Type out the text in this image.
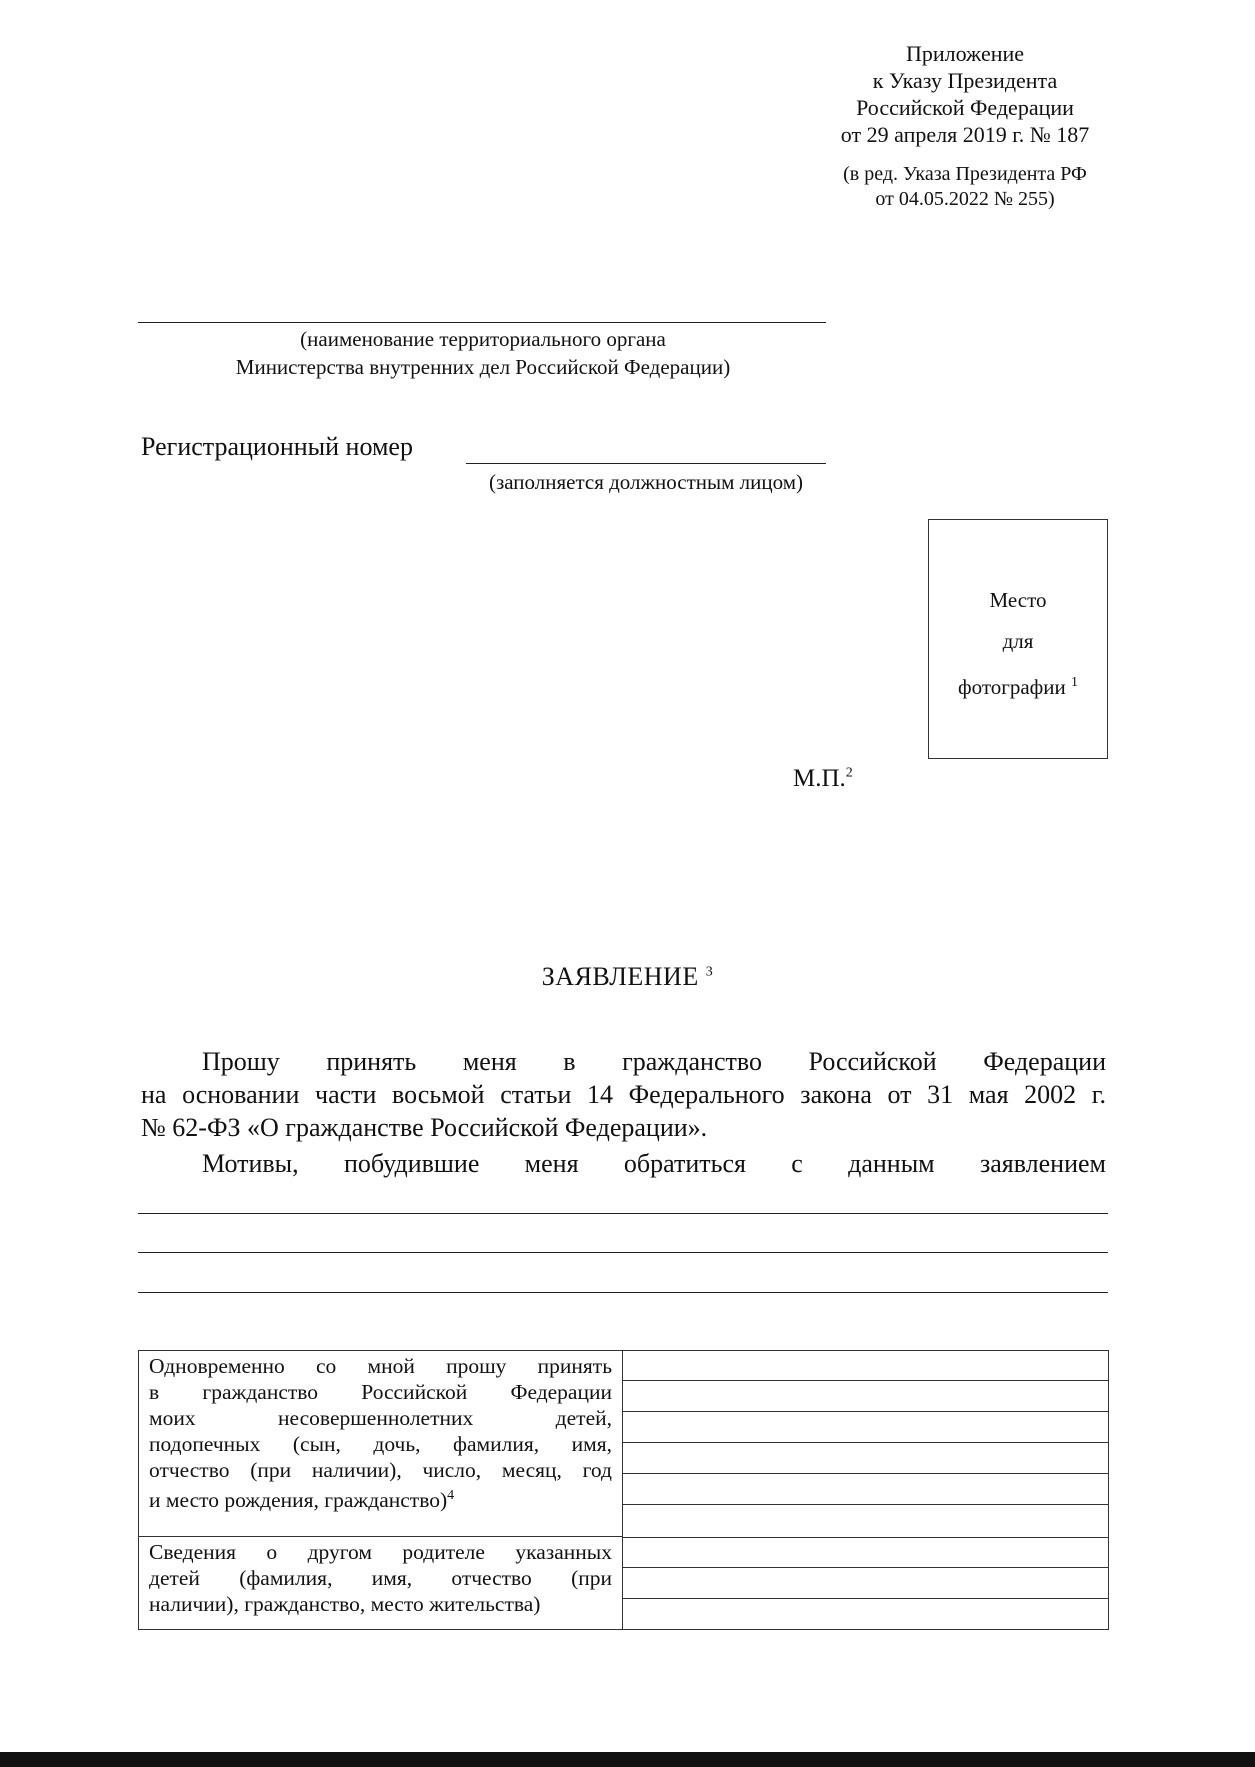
Приложение
к Указу Президента
Российской Федерации
от 29 апреля 2019 г. № 187
(в ред. Указа Президента РФ
от 04.05.2022 № 255)
(наименование территориального органа
Министерства внутренних дел Российской Федерации)
Регистрационный номер
(заполняется должностным лицом)
Место
для
фотографии $^1$
М.П.$^2$
ЗАЯВЛЕНИЕ $^3$
Прошу принять меня в гражданство Российской Федерации
на основании части восьмой статьи 14 Федерального закона от 31 мая 2002 г.
№ 62-ФЗ «О гражданстве Российской Федерации».
Мотивы, побудившие меня обратиться с данным заявлением
Одновременно со мной прошу принять
в гражданство Российской Федерации
моих несовершеннолетних детей,
подопечных (сын, дочь, фамилия, имя,
отчество (при наличии), число, месяц, год
и место рождения, гражданство)$^4$
Сведения о другом родителе указанных
детей (фамилия, имя, отчество (при
наличии), гражданство, место жительства)
